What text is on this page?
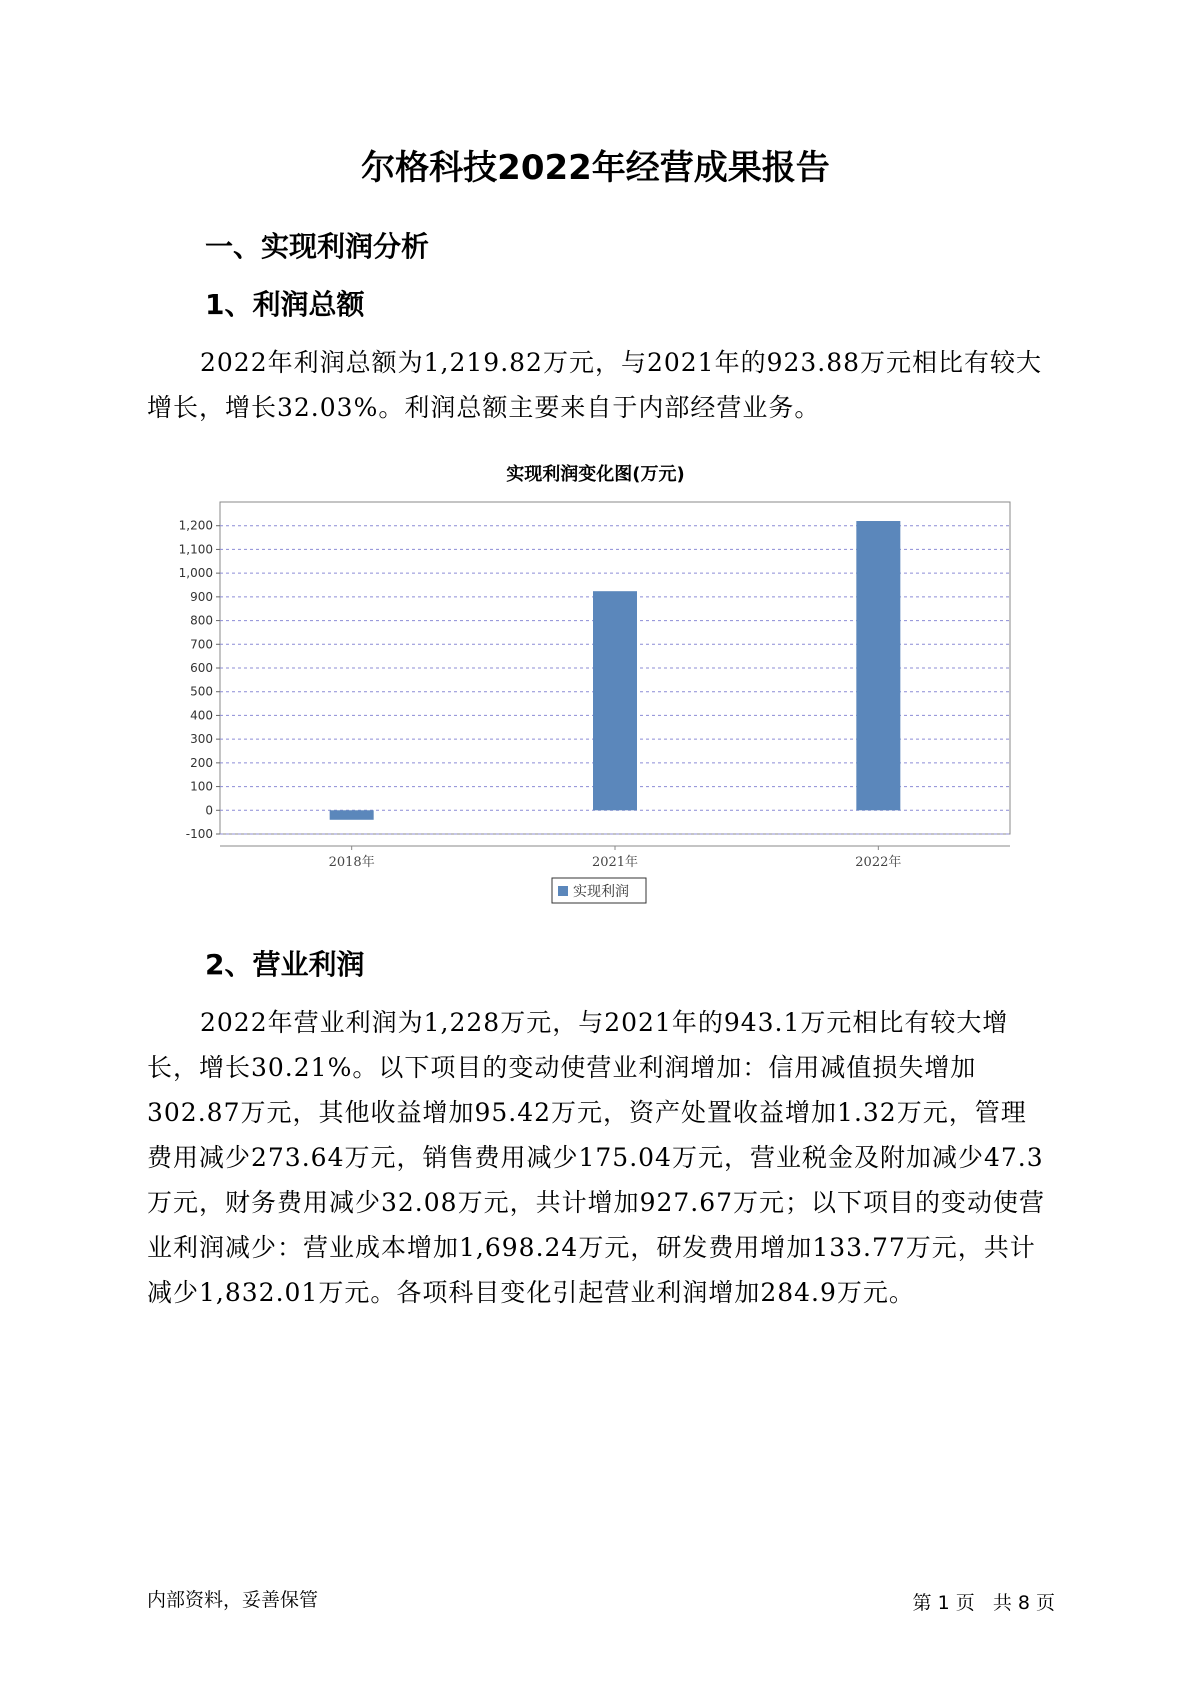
尔格科技2022年经营成果报告
一、实现利润分析
1、利润总额
2022年利润总额为1,219.82万元，与2021年的923.88万元相比有较大增长，增长32.03%。利润总额主要来自于内部经营业务。
实现利润变化图(万元)
-100
0
100
200
300
400
500
600
700
800
900
1,000
1,100
1,200
2018年	2021年	2022年
实现利润
2、营业利润
2022年营业利润为1,228万元，与2021年的943.1万元相比有较大增长，增长30.21%。以下项目的变动使营业利润增加：信用减值损失增加302.87万元，其他收益增加95.42万元，资产处置收益增加1.32万元，管理费用减少273.64万元，销售费用减少175.04万元，营业税金及附加减少47.3万元，财务费用减少32.08万元，共计增加927.67万元；以下项目的变动使营业利润减少：营业成本增加1,698.24万元，研发费用增加133.77万元，共计减少1,832.01万元。各项科目变化引起营业利润增加284.9万元。
内部资料，妥善保管	第 1 页   共 8 页
